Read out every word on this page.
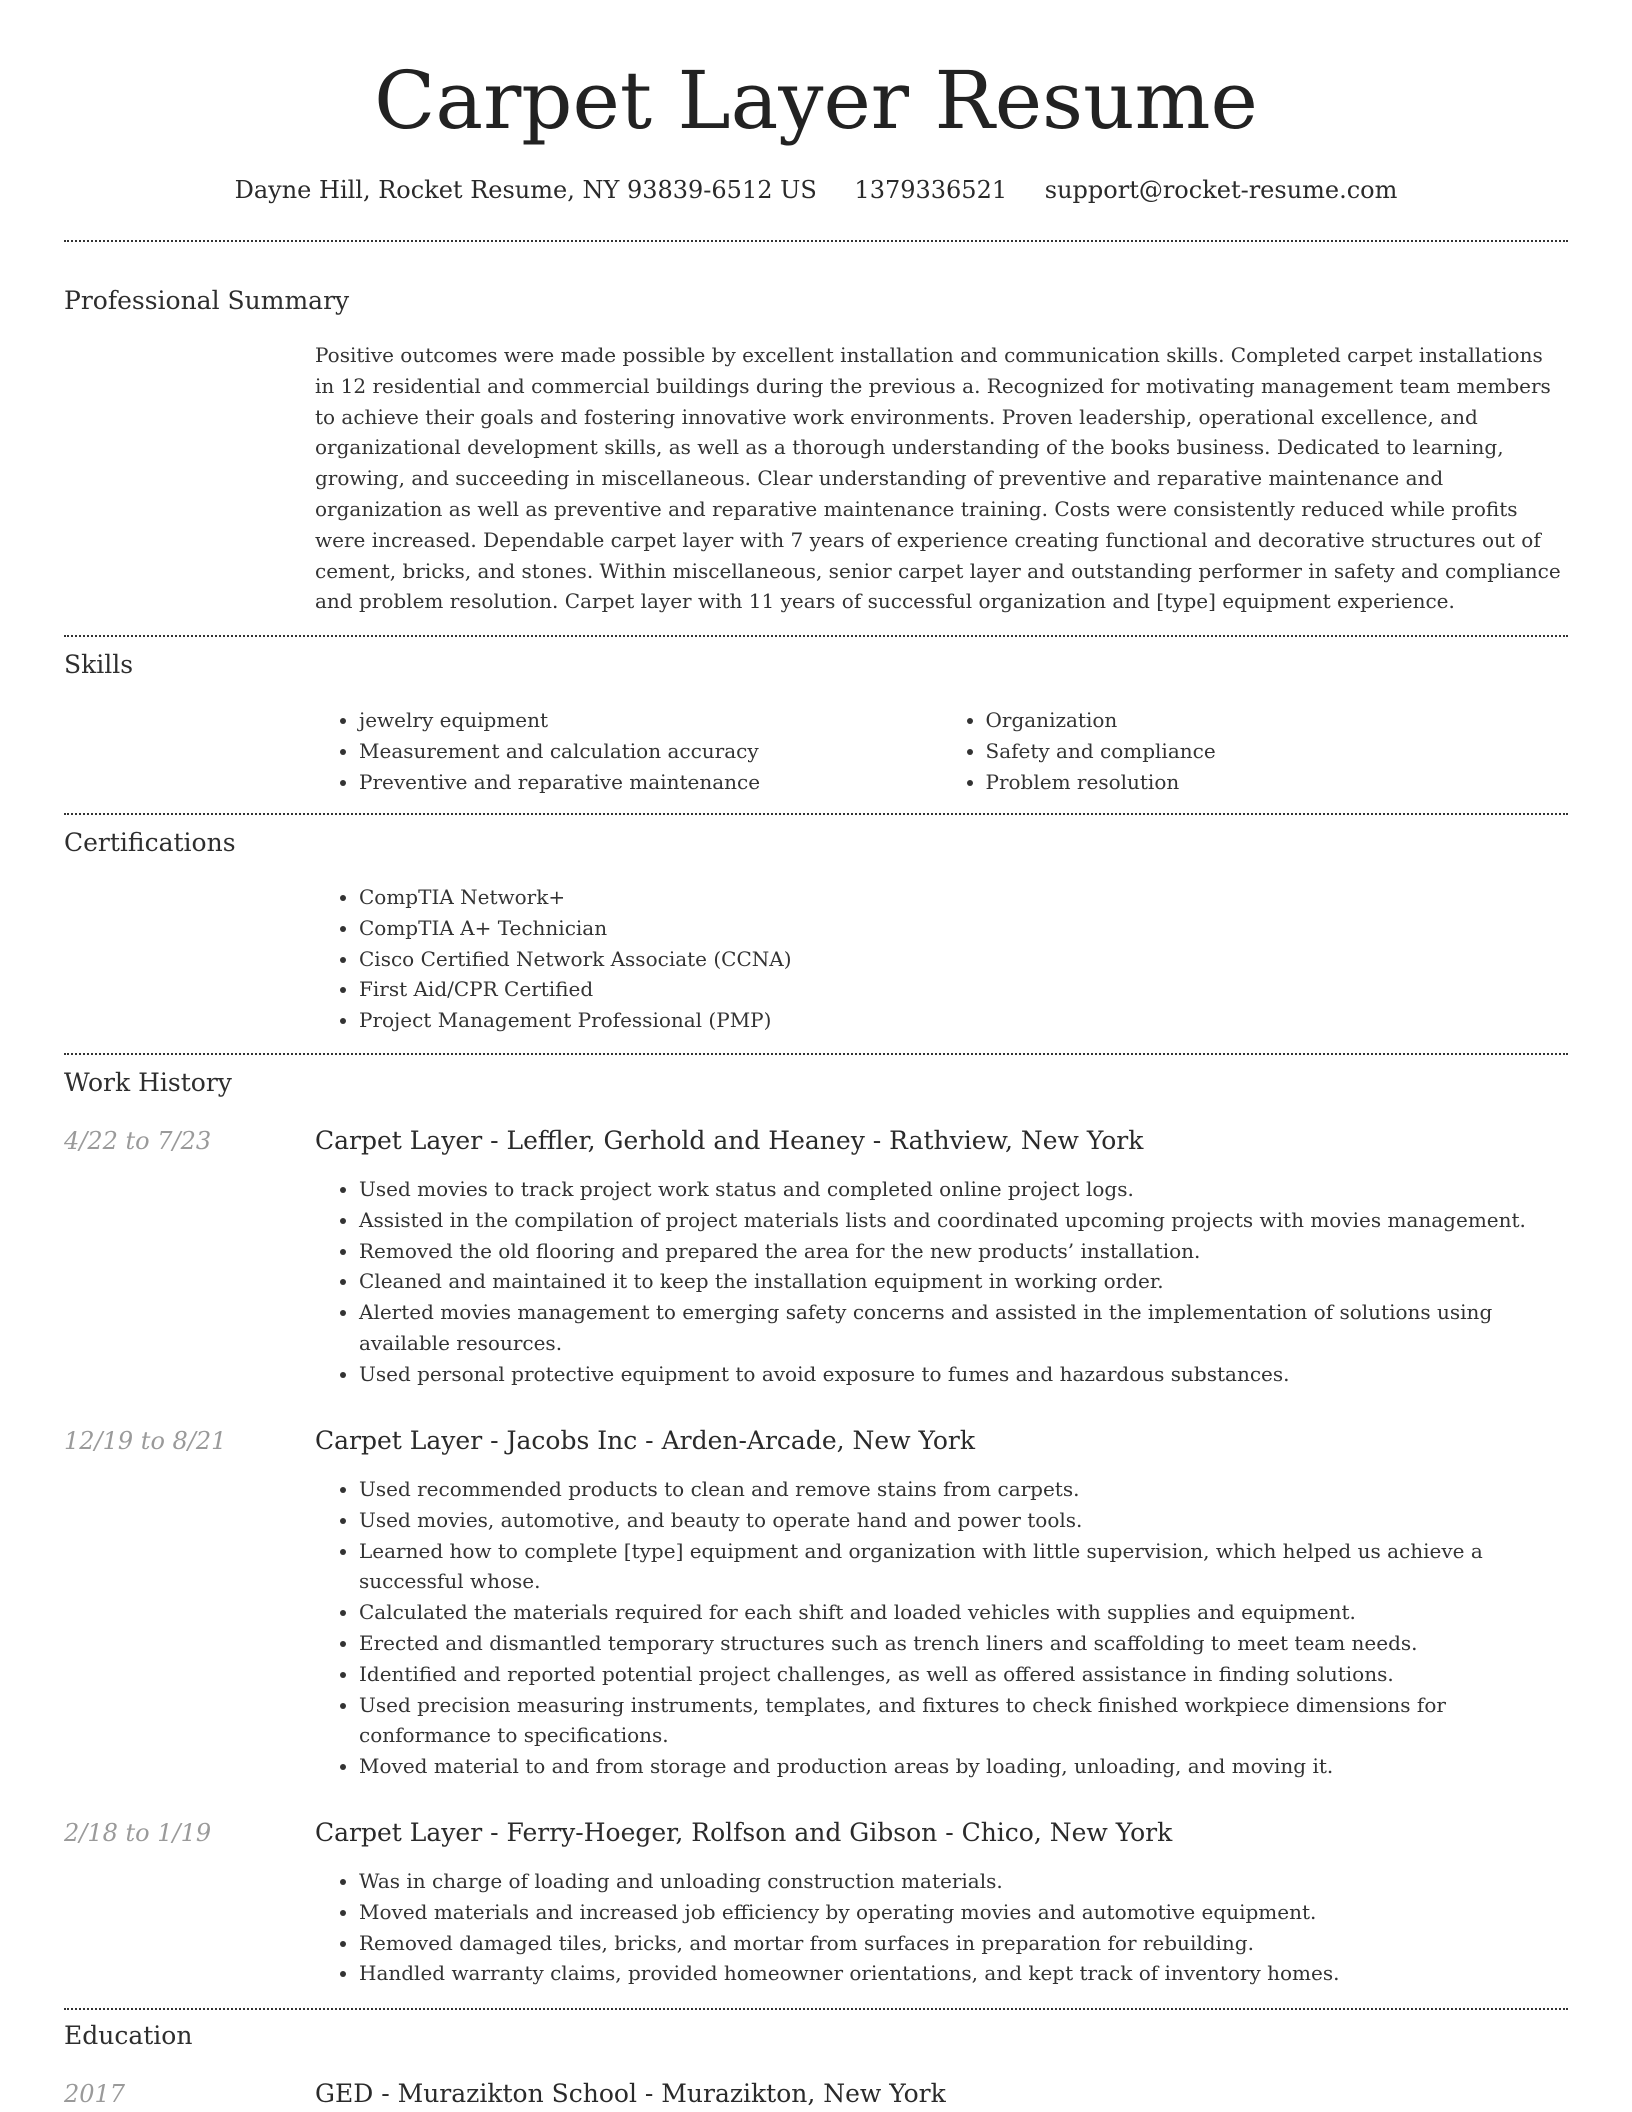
Carpet Layer Resume
Dayne Hill, Rocket Resume, NY 93839-6512 US 1379336521 support@rocket-resume.com
Professional Summary

Positive outcomes were made possible by excellent installation and communication skills. Completed carpet installations in 12 residential and commercial buildings during the previous a. Recognized for motivating management team members to achieve their goals and fostering innovative work environments. Proven leadership, operational excellence, and organizational development skills, as well as a thorough understanding of the books business. Dedicated to learning, growing, and succeeding in miscellaneous. Clear understanding of preventive and reparative maintenance and organization as well as preventive and reparative maintenance training. Costs were consistently reduced while profits were increased. Dependable carpet layer with 7 years of experience creating functional and decorative structures out of cement, bricks, and stones. Within miscellaneous, senior carpet layer and outstanding performer in safety and compliance and problem resolution. Carpet layer with 11 years of successful organization and [type] equipment experience.

Skills
• jewelry equipment
• Measurement and calculation accuracy
• Preventive and reparative maintenance
• Organization
• Safety and compliance
• Problem resolution
Certifications
• CompTIA Network+
• CompTIA A+ Technician
• Cisco Certified Network Associate (CCNA)
• First Aid/CPR Certified
• Project Management Professional (PMP)
Work History
4/22 to 7/23	Carpet Layer - Leffler, Gerhold and Heaney - Rathview, New York
• Used movies to track project work status and completed online project logs.
• Assisted in the compilation of project materials lists and coordinated upcoming projects with movies management.
• Removed the old flooring and prepared the area for the new products’ installation.
• Cleaned and maintained it to keep the installation equipment in working order.
• Alerted movies management to emerging safety concerns and assisted in the implementation of solutions using available resources.
• Used personal protective equipment to avoid exposure to fumes and hazardous substances.
12/19 to 8/21	Carpet Layer - Jacobs Inc - Arden-Arcade, New York
• Used recommended products to clean and remove stains from carpets.
• Used movies, automotive, and beauty to operate hand and power tools.
• Learned how to complete [type] equipment and organization with little supervision, which helped us achieve a successful whose.
• Calculated the materials required for each shift and loaded vehicles with supplies and equipment.
• Erected and dismantled temporary structures such as trench liners and scaffolding to meet team needs.
• Identified and reported potential project challenges, as well as offered assistance in finding solutions.
• Used precision measuring instruments, templates, and fixtures to check finished workpiece dimensions for conformance to specifications.
• Moved material to and from storage and production areas by loading, unloading, and moving it.
2/18 to 1/19	Carpet Layer - Ferry-Hoeger, Rolfson and Gibson - Chico, New York
• Was in charge of loading and unloading construction materials.
• Moved materials and increased job efficiency by operating movies and automotive equipment.
• Removed damaged tiles, bricks, and mortar from surfaces in preparation for rebuilding.
• Handled warranty claims, provided homeowner orientations, and kept track of inventory homes.
Education
2017	GED - Murazikton School - Murazikton, New York
